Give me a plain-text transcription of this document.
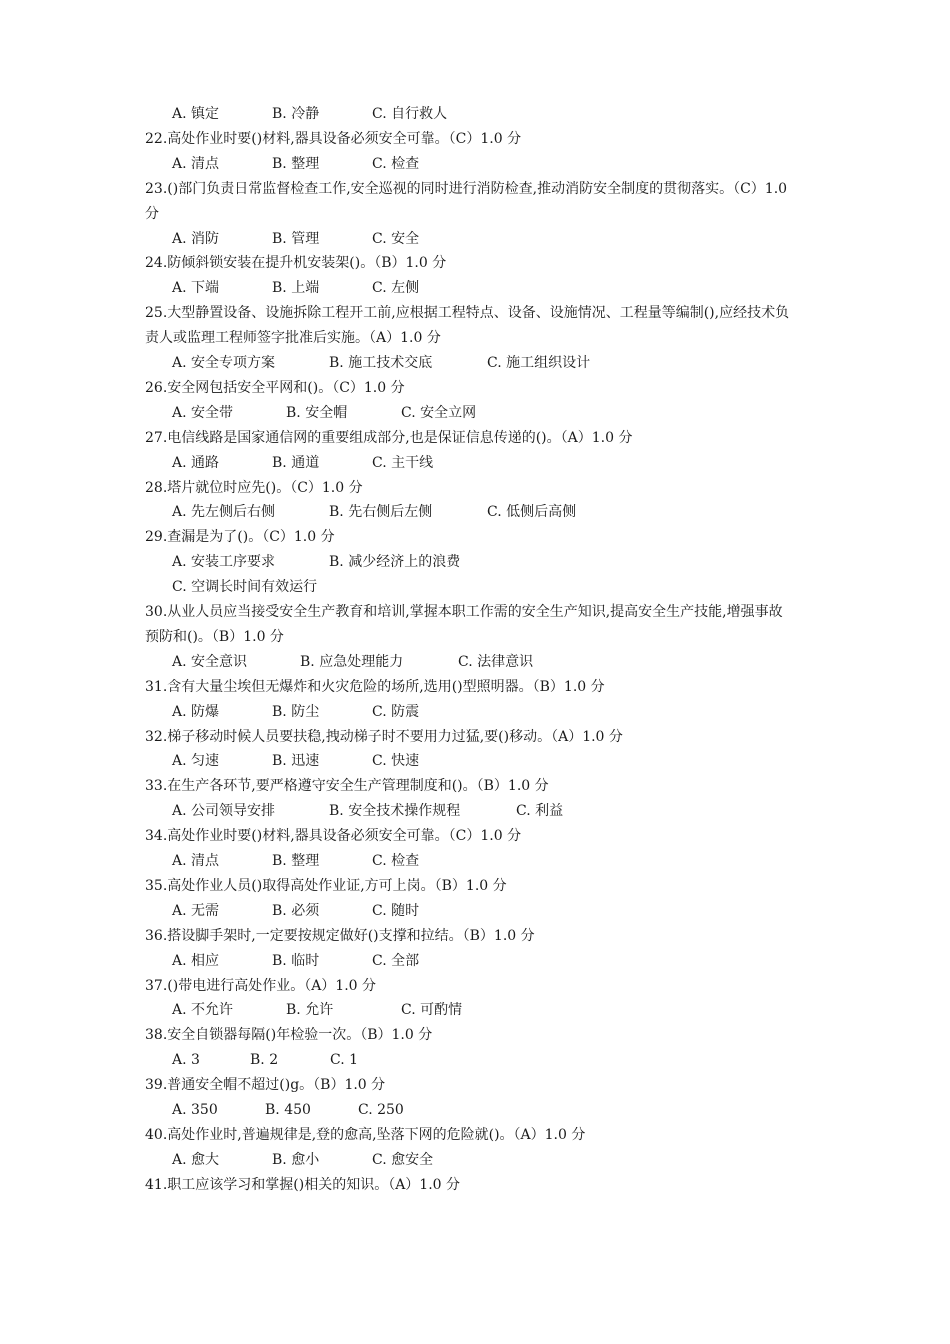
A. 镇定	B. 冷静	C. 自行救人
22.高处作业时要()材料,器具设备必须安全可靠。（C）1.0 分
A. 清点	B. 整理	C. 检查
23.()部门负责日常监督检查工作,安全巡视的同时进行消防检查,推动消防安全制度的贯彻落实。（C）1.0
分
A. 消防	B. 管理	C. 安全
24.防倾斜锁安装在提升机安装架()。（B）1.0 分
A. 下端	B. 上端	C. 左侧
25.大型静置设备、设施拆除工程开工前,应根据工程特点、设备、设施情况、工程量等编制(),应经技术负
责人或监理工程师签字批准后实施。（A）1.0 分
A. 安全专项方案	B. 施工技术交底	C. 施工组织设计
26.安全网包括安全平网和()。（C）1.0 分
A. 安全带	B. 安全帽	C. 安全立网
27.电信线路是国家通信网的重要组成部分,也是保证信息传递的()。（A）1.0 分
A. 通路	B. 通道	C. 主干线
28.塔片就位时应先()。（C）1.0 分
A. 先左侧后右侧	B. 先右侧后左侧	C. 低侧后高侧
29.查漏是为了()。（C）1.0 分
A. 安装工序要求	B. 减少经济上的浪费
C. 空调长时间有效运行
30.从业人员应当接受安全生产教育和培训,掌握本职工作需的安全生产知识,提高安全生产技能,增强事故
预防和()。（B）1.0 分
A. 安全意识	B. 应急处理能力	C. 法律意识
31.含有大量尘埃但无爆炸和火灾危险的场所,选用()型照明器。（B）1.0 分
A. 防爆	B. 防尘	C. 防震
32.梯子移动时候人员要扶稳,拽动梯子时不要用力过猛,要()移动。（A）1.0 分
A. 匀速	B. 迅速	C. 快速
33.在生产各环节,要严格遵守安全生产管理制度和()。（B）1.0 分
A. 公司领导安排	B. 安全技术操作规程	C. 利益
34.高处作业时要()材料,器具设备必须安全可靠。（C）1.0 分
A. 清点	B. 整理	C. 检查
35.高处作业人员()取得高处作业证,方可上岗。（B）1.0 分
A. 无需	B. 必须	C. 随时
36.搭设脚手架时,一定要按规定做好()支撑和拉结。（B）1.0 分
A. 相应	B. 临时	C. 全部
37.()带电进行高处作业。（A）1.0 分
A. 不允许	B. 允许	C. 可酌情
38.安全自锁器每隔()年检验一次。（B）1.0 分
A. 3	B. 2	C. 1
39.普通安全帽不超过()g。（B）1.0 分
A. 350	B. 450	C. 250
40.高处作业时,普遍规律是,登的愈高,坠落下网的危险就()。（A）1.0 分
A. 愈大	B. 愈小	C. 愈安全
41.职工应该学习和掌握()相关的知识。（A）1.0 分
